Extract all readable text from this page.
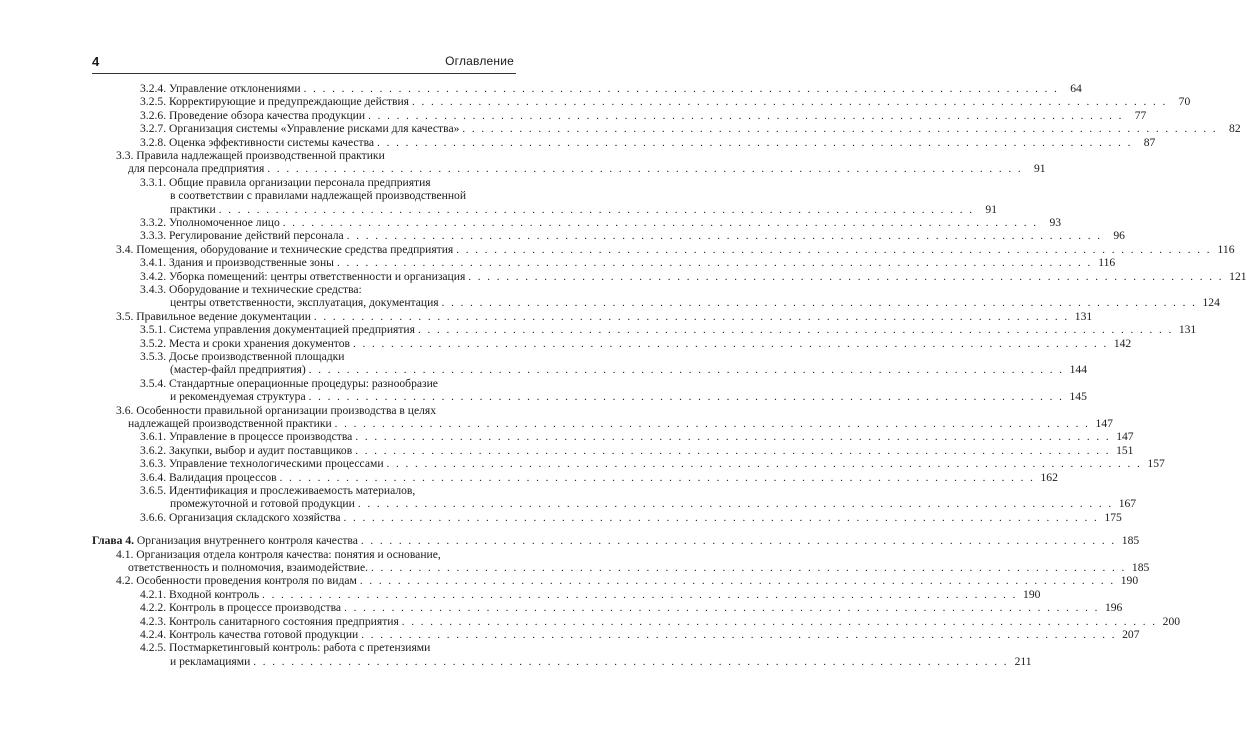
4	Оглавление
3.2.4. Управление отклонениями . . . . . . . . . . . . . . . . . . . . . . . . . . . . . . . . . . . . . . . . . . . . . . . . . . . . . . . . . . . . . . . . . . . . . . . . . . . . . . . . 64
3.2.5. Корректирующие и предупреждающие действия . . . . . . . . . . . . . . . . . . . . . . . . . . . . . . . . . . . . . . . . . . . . . . . . . . . . . . . . . . . . . . . . . . . . . . . . . . . . . . . . 70
3.2.6. Проведение обзора качества продукции . . . . . . . . . . . . . . . . . . . . . . . . . . . . . . . . . . . . . . . . . . . . . . . . . . . . . . . . . . . . . . . . . . . . . . . . . . . . . . . . 77
3.2.7. Организация системы «Управление рисками для качества» . . . . . . . . . . . . . . . . . . . . . . . . . . . . . . . . . . . . . . . . . . . . . . . . . . . . . . . . . . . . . . . . . . . . . . . . . . . . . . . . 82
3.2.8. Оценка эффективности системы качества . . . . . . . . . . . . . . . . . . . . . . . . . . . . . . . . . . . . . . . . . . . . . . . . . . . . . . . . . . . . . . . . . . . . . . . . . . . . . . . . 87
3.3. Правила надлежащей производственной практики
для персонала предприятия . . . . . . . . . . . . . . . . . . . . . . . . . . . . . . . . . . . . . . . . . . . . . . . . . . . . . . . . . . . . . . . . . . . . . . . . . . . . . . . . 91
3.3.1. Общие правила организации персонала предприятия
в соответствии с правилами надлежащей производственной
практики . . . . . . . . . . . . . . . . . . . . . . . . . . . . . . . . . . . . . . . . . . . . . . . . . . . . . . . . . . . . . . . . . . . . . . . . . . . . . . . . 91
3.3.2. Уполномоченное лицо . . . . . . . . . . . . . . . . . . . . . . . . . . . . . . . . . . . . . . . . . . . . . . . . . . . . . . . . . . . . . . . . . . . . . . . . . . . . . . . . 93
3.3.3. Регулирование действий персонала . . . . . . . . . . . . . . . . . . . . . . . . . . . . . . . . . . . . . . . . . . . . . . . . . . . . . . . . . . . . . . . . . . . . . . . . . . . . . . . . 96
3.4. Помещения, оборудование и технические средства предприятия . . . . . . . . . . . . . . . . . . . . . . . . . . . . . . . . . . . . . . . . . . . . . . . . . . . . . . . . . . . . . . . . . . . . . . . . . . . . . . . . 116
3.4.1. Здания и производственные зоны . . . . . . . . . . . . . . . . . . . . . . . . . . . . . . . . . . . . . . . . . . . . . . . . . . . . . . . . . . . . . . . . . . . . . . . . . . . . . . . . 116
3.4.2. Уборка помещений: центры ответственности и организация . . . . . . . . . . . . . . . . . . . . . . . . . . . . . . . . . . . . . . . . . . . . . . . . . . . . . . . . . . . . . . . . . . . . . . . . . . . . . . . . 121
3.4.3. Оборудование и технические средства:
центры ответственности, эксплуатация, документация . . . . . . . . . . . . . . . . . . . . . . . . . . . . . . . . . . . . . . . . . . . . . . . . . . . . . . . . . . . . . . . . . . . . . . . . . . . . . . . . 124
3.5. Правильное ведение документации . . . . . . . . . . . . . . . . . . . . . . . . . . . . . . . . . . . . . . . . . . . . . . . . . . . . . . . . . . . . . . . . . . . . . . . . . . . . . . . . 131
3.5.1. Система управления документацией предприятия . . . . . . . . . . . . . . . . . . . . . . . . . . . . . . . . . . . . . . . . . . . . . . . . . . . . . . . . . . . . . . . . . . . . . . . . . . . . . . . . 131
3.5.2. Места и сроки хранения документов . . . . . . . . . . . . . . . . . . . . . . . . . . . . . . . . . . . . . . . . . . . . . . . . . . . . . . . . . . . . . . . . . . . . . . . . . . . . . . . . 142
3.5.3. Досье производственной площадки
(мастер-файл предприятия) . . . . . . . . . . . . . . . . . . . . . . . . . . . . . . . . . . . . . . . . . . . . . . . . . . . . . . . . . . . . . . . . . . . . . . . . . . . . . . . . 144
3.5.4. Стандартные операционные процедуры: разнообразие
и рекомендуемая структура . . . . . . . . . . . . . . . . . . . . . . . . . . . . . . . . . . . . . . . . . . . . . . . . . . . . . . . . . . . . . . . . . . . . . . . . . . . . . . . . 145
3.6. Особенности правильной организации производства в целях
надлежащей производственной практики . . . . . . . . . . . . . . . . . . . . . . . . . . . . . . . . . . . . . . . . . . . . . . . . . . . . . . . . . . . . . . . . . . . . . . . . . . . . . . . . 147
3.6.1. Управление в процессе производства . . . . . . . . . . . . . . . . . . . . . . . . . . . . . . . . . . . . . . . . . . . . . . . . . . . . . . . . . . . . . . . . . . . . . . . . . . . . . . . . 147
3.6.2. Закупки, выбор и аудит поставщиков . . . . . . . . . . . . . . . . . . . . . . . . . . . . . . . . . . . . . . . . . . . . . . . . . . . . . . . . . . . . . . . . . . . . . . . . . . . . . . . . 151
3.6.3. Управление технологическими процессами . . . . . . . . . . . . . . . . . . . . . . . . . . . . . . . . . . . . . . . . . . . . . . . . . . . . . . . . . . . . . . . . . . . . . . . . . . . . . . . . 157
3.6.4. Валидация процессов . . . . . . . . . . . . . . . . . . . . . . . . . . . . . . . . . . . . . . . . . . . . . . . . . . . . . . . . . . . . . . . . . . . . . . . . . . . . . . . . 162
3.6.5. Идентификация и прослеживаемость материалов,
промежуточной и готовой продукции . . . . . . . . . . . . . . . . . . . . . . . . . . . . . . . . . . . . . . . . . . . . . . . . . . . . . . . . . . . . . . . . . . . . . . . . . . . . . . . . 167
3.6.6. Организация складского хозяйства . . . . . . . . . . . . . . . . . . . . . . . . . . . . . . . . . . . . . . . . . . . . . . . . . . . . . . . . . . . . . . . . . . . . . . . . . . . . . . . . 175
Глава 4. Организация внутреннего контроля качества . . . . . . . . . . . . . . . . . . . . . . . . . . . . . . . . . . . . . . . . . . . . . . . . . . . . . . . . . . . . . . . . . . . . . . . . . . . . . . . . 185
4.1. Организация отдела контроля качества: понятия и основание,
ответственность и полномочия, взаимодействие. . . . . . . . . . . . . . . . . . . . . . . . . . . . . . . . . . . . . . . . . . . . . . . . . . . . . . . . . . . . . . . . . . . . . . . . . . . . . . . . . 185
4.2. Особенности проведения контроля по видам . . . . . . . . . . . . . . . . . . . . . . . . . . . . . . . . . . . . . . . . . . . . . . . . . . . . . . . . . . . . . . . . . . . . . . . . . . . . . . . . 190
4.2.1. Входной контроль . . . . . . . . . . . . . . . . . . . . . . . . . . . . . . . . . . . . . . . . . . . . . . . . . . . . . . . . . . . . . . . . . . . . . . . . . . . . . . . . 190
4.2.2. Контроль в процессе производства . . . . . . . . . . . . . . . . . . . . . . . . . . . . . . . . . . . . . . . . . . . . . . . . . . . . . . . . . . . . . . . . . . . . . . . . . . . . . . . . 196
4.2.3. Контроль санитарного состояния предприятия . . . . . . . . . . . . . . . . . . . . . . . . . . . . . . . . . . . . . . . . . . . . . . . . . . . . . . . . . . . . . . . . . . . . . . . . . . . . . . . . 200
4.2.4. Контроль качества готовой продукции . . . . . . . . . . . . . . . . . . . . . . . . . . . . . . . . . . . . . . . . . . . . . . . . . . . . . . . . . . . . . . . . . . . . . . . . . . . . . . . . 207
4.2.5. Постмаркетинговый контроль: работа с претензиями
и рекламациями . . . . . . . . . . . . . . . . . . . . . . . . . . . . . . . . . . . . . . . . . . . . . . . . . . . . . . . . . . . . . . . . . . . . . . . . . . . . . . . . 211
